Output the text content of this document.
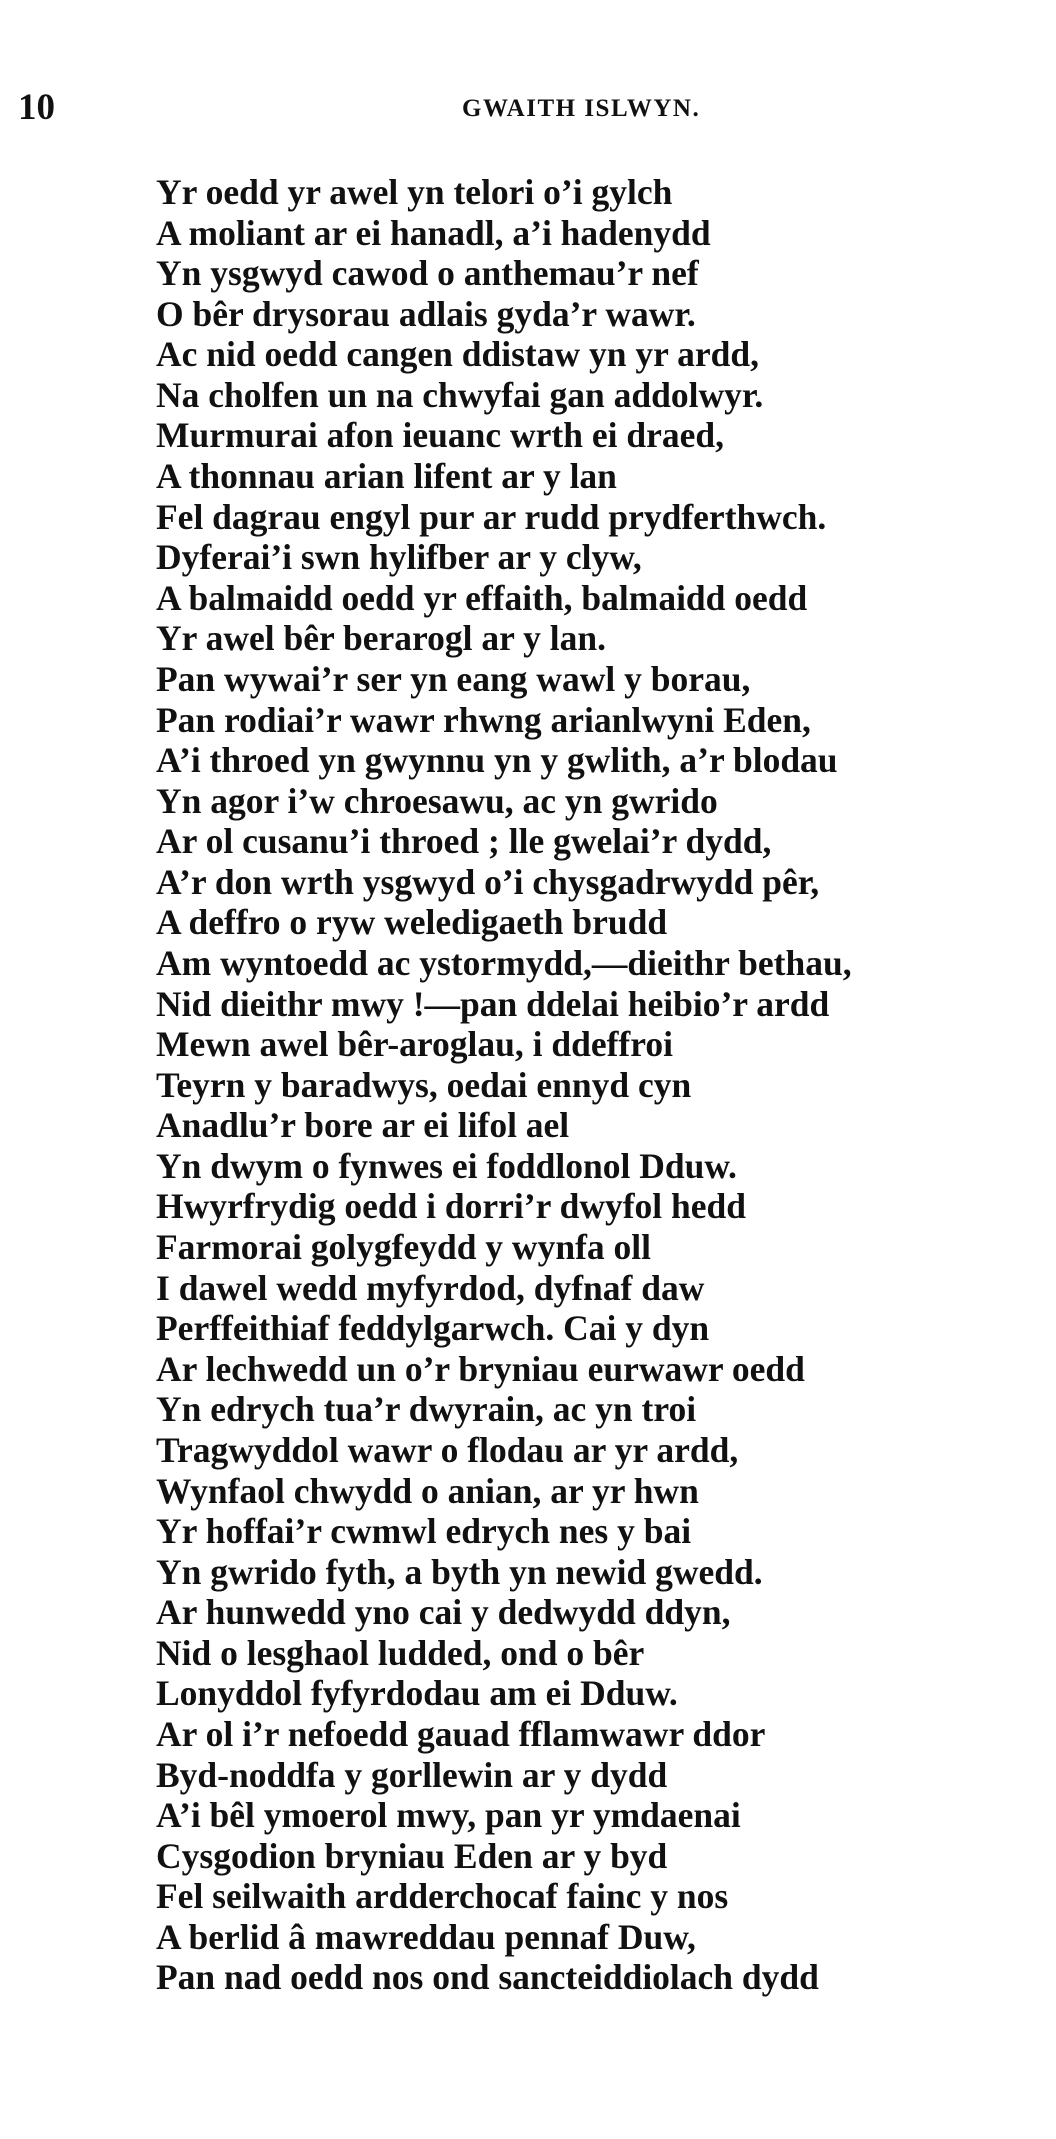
10	GWAITH ISLWYN.
Yr oedd yr awel yn telori o’i gylch
A moliant ar ei hanadl, a’i hadenydd
Yn ysgwyd cawod o anthemau’r nef
O bêr drysorau adlais gyda’r wawr.
Ac nid oedd cangen ddistaw yn yr ardd,
Na cholfen un na chwyfai gan addolwyr.
Murmurai afon ieuanc wrth ei draed,
A thonnau arian lifent ar y lan
Fel dagrau engyl pur ar rudd prydferthwch.
Dyferai’i swn hylifber ar y clyw,
A balmaidd oedd yr effaith, balmaidd oedd
Yr awel bêr berarogl ar y lan.
Pan wywai’r ser yn eang wawl y borau,
Pan rodiai’r wawr rhwng arianlwyni Eden,
A’i throed yn gwynnu yn y gwlith, a’r blodau
Yn agor i’w chroesawu, ac yn gwrido
Ar ol cusanu’i throed ; lle gwelai’r dydd,
A’r don wrth ysgwyd o’i chysgadrwydd pêr,
A deffro o ryw weledigaeth brudd
Am wyntoedd ac ystormydd,—dieithr bethau,
Nid dieithr mwy !—pan ddelai heibio’r ardd
Mewn awel bêr-aroglau, i ddeffroi
Teyrn y baradwys, oedai ennyd cyn
Anadlu’r bore ar ei lifol ael
Yn dwym o fynwes ei foddlonol Dduw.
Hwyrfrydig oedd i dorri’r dwyfol hedd
Farmorai golygfeydd y wynfa oll
I dawel wedd myfyrdod, dyfnaf daw
Perffeithiaf feddylgarwch. Cai y dyn
Ar lechwedd un o’r bryniau eurwawr oedd
Yn edrych tua’r dwyrain, ac yn troi
Tragwyddol wawr o flodau ar yr ardd,
Wynfaol chwydd o anian, ar yr hwn
Yr hoffai’r cwmwl edrych nes y bai
Yn gwrido fyth, a byth yn newid gwedd.
Ar hunwedd yno cai y dedwydd ddyn,
Nid o lesghaol ludded, ond o bêr
Lonyddol fyfyrdodau am ei Dduw.
Ar ol i’r nefoedd gauad fflamwawr ddor
Byd-noddfa y gorllewin ar y dydd
A’i bêl ymoerol mwy, pan yr ymdaenai
Cysgodion bryniau Eden ar y byd
Fel seilwaith ardderchocaf fainc y nos
A berlid â mawreddau pennaf Duw,
Pan nad oedd nos ond sancteiddiolach dydd
